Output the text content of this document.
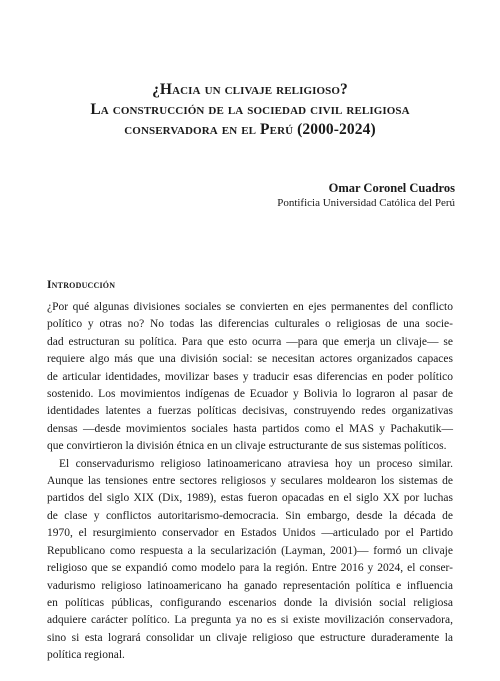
¿Hacia un clivaje religioso?
La construcción de la sociedad civil religiosa
conservadora en el Perú (2000-2024)
Omar Coronel Cuadros
Pontificia Universidad Católica del Perú
Introducción

¿Por qué algunas divisiones sociales se convierten en ejes permanentes del conflicto
político y otras no? No todas las diferencias culturales o religiosas de una socie-
dad estructuran su política. Para que esto ocurra —para que emerja un clivaje— se
requiere algo más que una división social: se necesitan actores organizados capaces
de articular identidades, movilizar bases y traducir esas diferencias en poder político
sostenido. Los movimientos indígenas de Ecuador y Bolivia lo lograron al pasar de
identidades latentes a fuerzas políticas decisivas, construyendo redes organizativas
densas —desde movimientos sociales hasta partidos como el MAS y Pachakutik—
que convirtieron la división étnica en un clivaje estructurante de sus sistemas políticos.

El conservadurismo religioso latinoamericano atraviesa hoy un proceso similar.
Aunque las tensiones entre sectores religiosos y seculares moldearon los sistemas de
partidos del siglo XIX (Dix, 1989), estas fueron opacadas en el siglo XX por luchas
de clase y conflictos autoritarismo-democracia. Sin embargo, desde la década de
1970, el resurgimiento conservador en Estados Unidos —articulado por el Partido
Republicano como respuesta a la secularización (Layman, 2001)— formó un clivaje
religioso que se expandió como modelo para la región. Entre 2016 y 2024, el conser-
vadurismo religioso latinoamericano ha ganado representación política e influencia
en políticas públicas, configurando escenarios donde la división social religiosa
adquiere carácter político. La pregunta ya no es si existe movilización conservadora,
sino si esta logrará consolidar un clivaje religioso que estructure duraderamente la
política regional.
